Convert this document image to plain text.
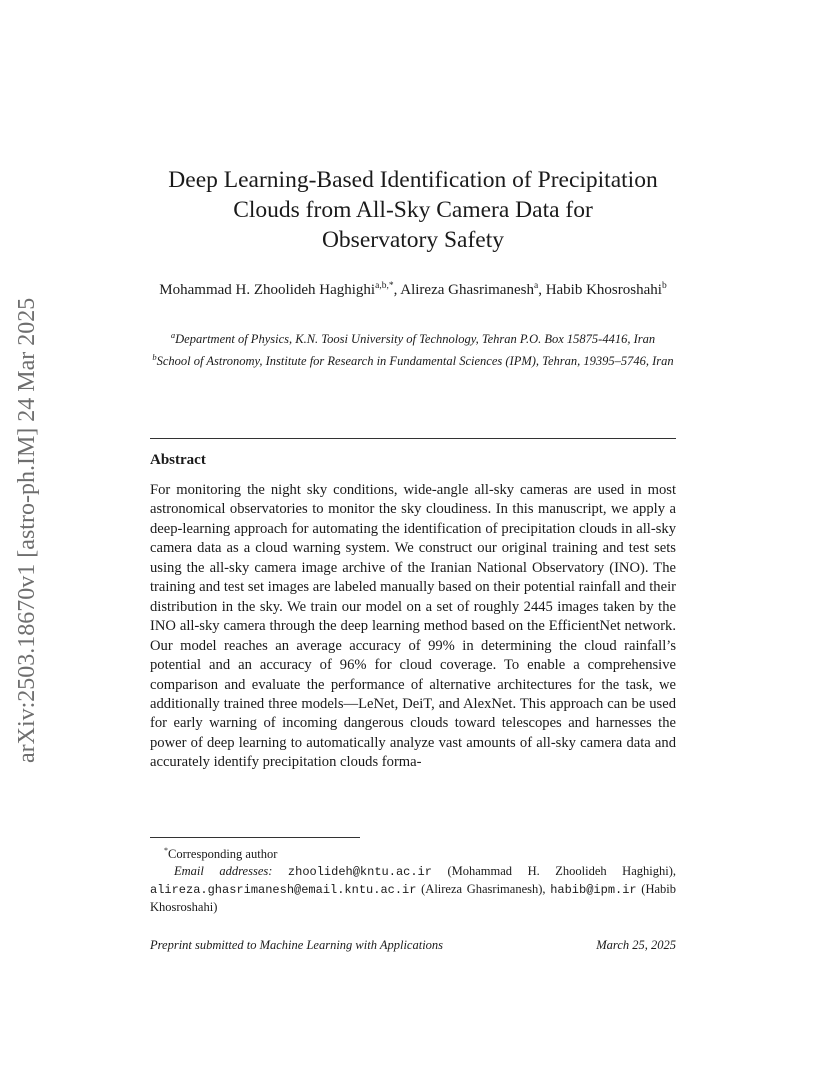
arXiv:2503.18670v1 [astro-ph.IM] 24 Mar 2025
Deep Learning-Based Identification of Precipitation
Clouds from All-Sky Camera Data for
Observatory Safety
Mohammad H. Zhoolideh Haghighi$^{a,b,*}$, Alireza Ghasrimanesh$^a$, Habib Khosroshahi$^b$
$^a$Department of Physics, K.N. Toosi University of Technology, Tehran P.O. Box 15875-4416, Iran
$^b$School of Astronomy, Institute for Research in Fundamental Sciences (IPM), Tehran, 19395–5746, Iran
Abstract

For monitoring the night sky conditions, wide-angle all-sky cameras are used in most astronomical observatories to monitor the sky cloudiness. In this manuscript, we apply a deep-learning approach for automating the identification of precipitation clouds in all-sky camera data as a cloud warning system. We construct our original training and test sets using the all-sky camera image archive of the Iranian National Observatory (INO). The training and test set images are labeled manually based on their potential rainfall and their distribution in the sky. We train our model on a set of roughly 2445 images taken by the INO all-sky camera through the deep learning method based on the EfficientNet network. Our model reaches an average accuracy of 99% in determining the cloud rainfall’s potential and an accuracy of 96% for cloud coverage. To enable a comprehensive comparison and evaluate the performance of alternative architectures for the task, we additionally trained three models—LeNet, DeiT, and AlexNet. This approach can be used for early warning of incoming dangerous clouds toward telescopes and harnesses the power of deep learning to automatically analyze vast amounts of all-sky camera data and accurately identify precipitation clouds forma-

*Corresponding author
Email addresses: zhoolideh@kntu.ac.ir (Mohammad H. Zhoolideh Haghighi), alireza.ghasrimanesh@email.kntu.ac.ir (Alireza Ghasrimanesh), habib@ipm.ir (Habib Khosroshahi)
Preprint submitted to Machine Learning with Applications	March 25, 2025
